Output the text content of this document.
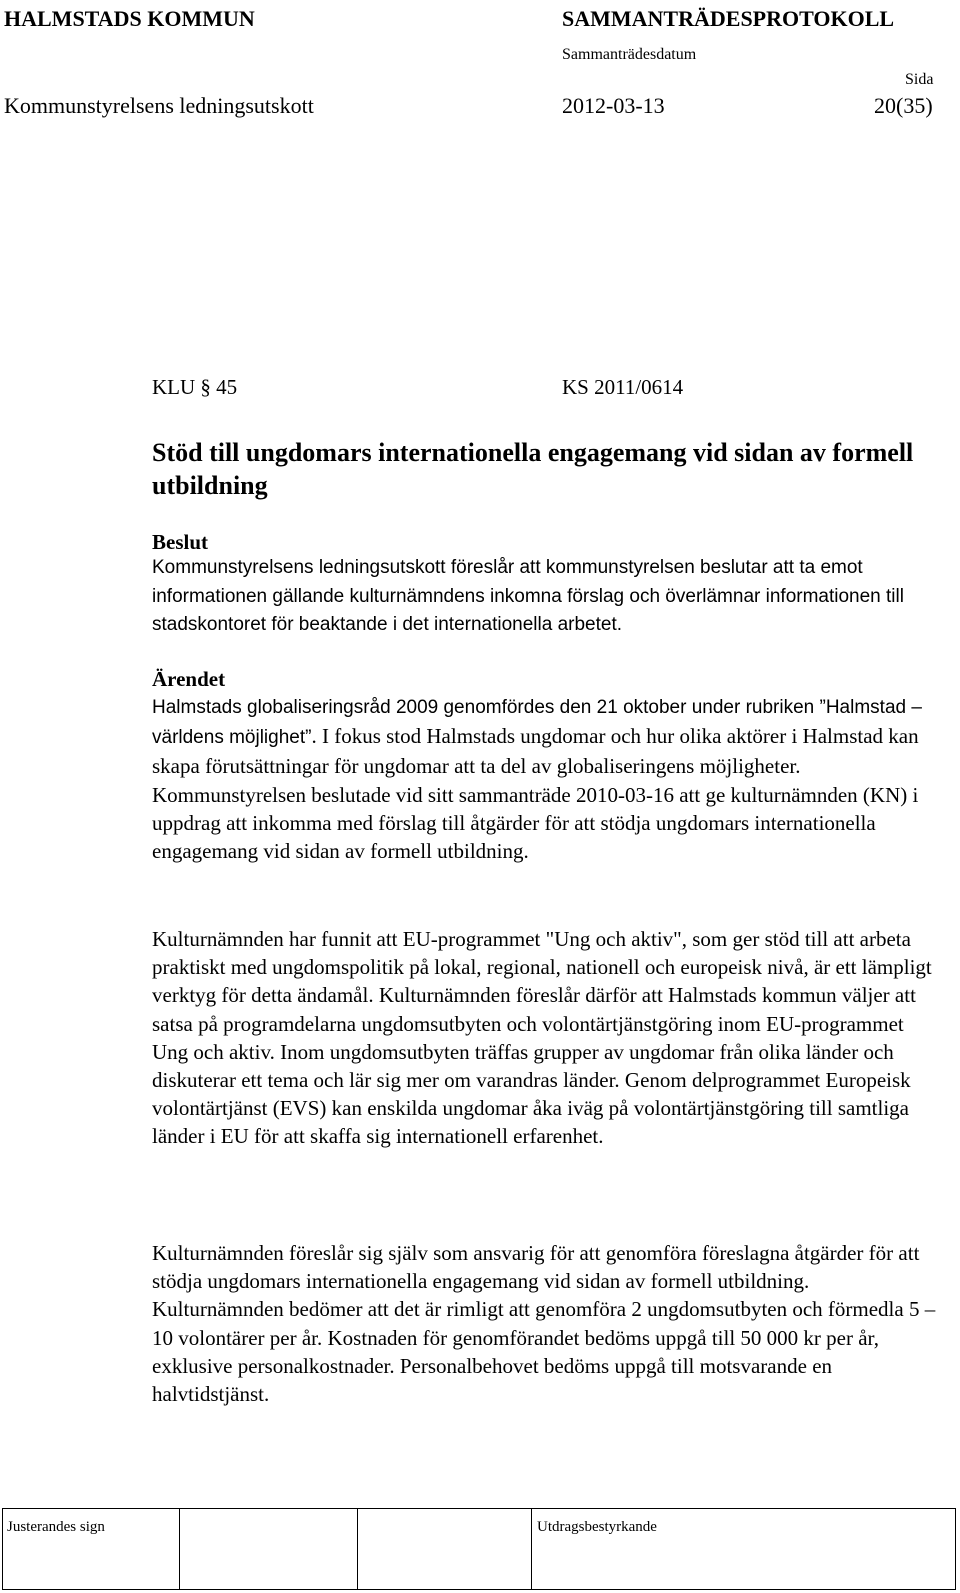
HALMSTADS KOMMUN	SAMMANTRÄDESPROTOKOLL
Sammanträdesdatum
Sida
Kommunstyrelsens ledningsutskott	2012-03-13	20(35)
KLU § 45	KS 2011/0614
Stöd till ungdomars internationella engagemang vid sidan av formell utbildning
Beslut
Kommunstyrelsens ledningsutskott föreslår att kommunstyrelsen beslutar att ta emot informationen gällande kulturnämndens inkomna förslag och överlämnar informationen till stadskontoret för beaktande i det internationella arbetet.
Ärendet
Halmstads globaliseringsråd 2009 genomfördes den 21 oktober under rubriken ”Halmstad – världens möjlighet”. I fokus stod Halmstads ungdomar och hur olika aktörer i Halmstad kan skapa förutsättningar för ungdomar att ta del av globaliseringens möjligheter. Kommunstyrelsen beslutade vid sitt sammanträde 2010-03-16 att ge kulturnämnden (KN) i uppdrag att inkomma med förslag till åtgärder för att stödja ungdomars internationella engagemang vid sidan av formell utbildning.
Kulturnämnden har funnit att EU-programmet "Ung och aktiv", som ger stöd till att arbeta praktiskt med ungdomspolitik på lokal, regional, nationell och europeisk nivå, är ett lämpligt verktyg för detta ändamål. Kulturnämnden föreslår därför att Halmstads kommun väljer att satsa på programdelarna ungdomsutbyten och volontärtjänstgöring inom EU-programmet Ung och aktiv. Inom ungdomsutbyten träffas grupper av ungdomar från olika länder och diskuterar ett tema och lär sig mer om varandras länder. Genom delprogrammet Europeisk volontärtjänst (EVS) kan enskilda ungdomar åka iväg på volontärtjänstgöring till samtliga länder i EU för att skaffa sig internationell erfarenhet.
Kulturnämnden föreslår sig själv som ansvarig för att genomföra föreslagna åtgärder för att stödja ungdomars internationella engagemang vid sidan av formell utbildning. Kulturnämnden bedömer att det är rimligt att genomföra 2 ungdomsutbyten och förmedla 5 – 10 volontärer per år. Kostnaden för genomförandet bedöms uppgå till 50 000 kr per år, exklusive personalkostnader. Personalbehovet bedöms uppgå till motsvarande en halvtidstjänst.
Justerandes sign	Utdragsbestyrkande
